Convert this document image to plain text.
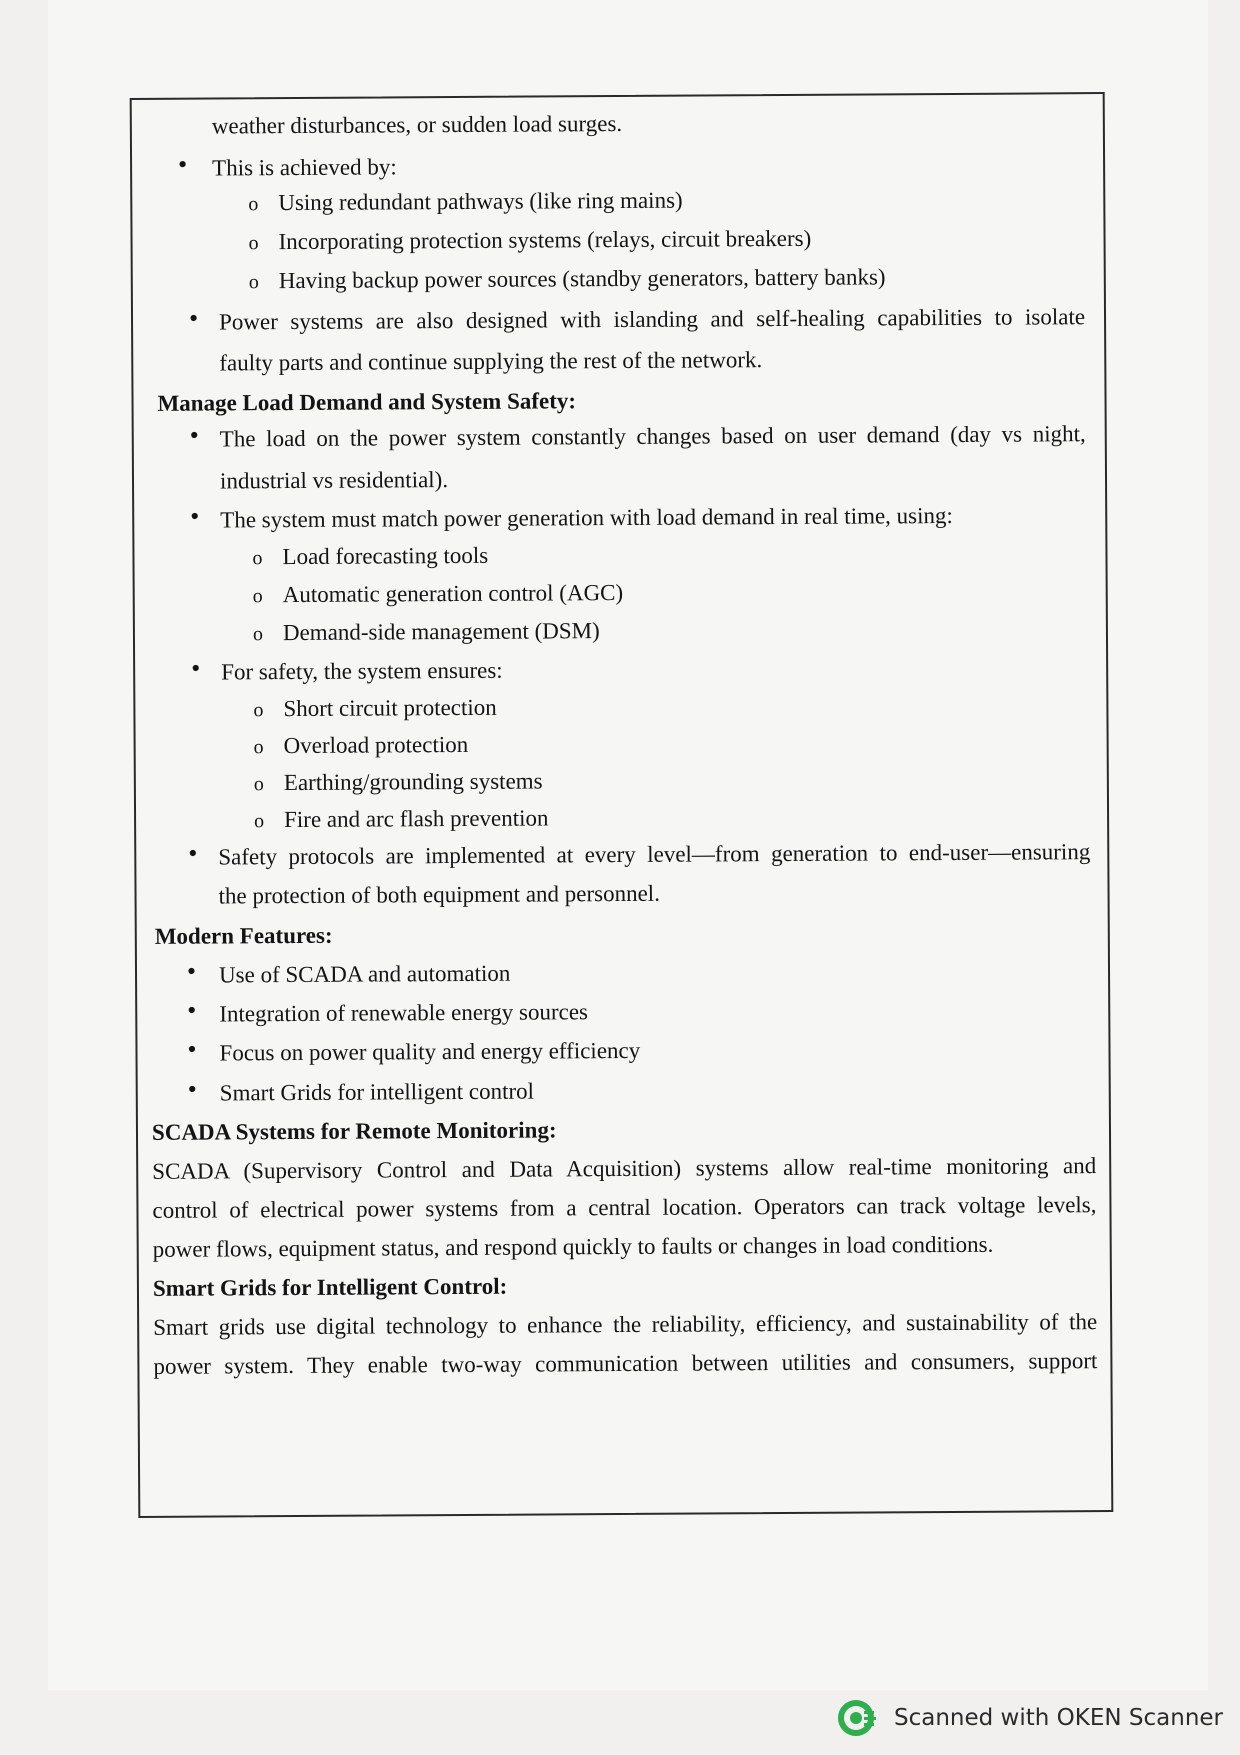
weather disturbances, or sudden load surges.
• This is achieved by:
o Using redundant pathways (like ring mains)
o Incorporating protection systems (relays, circuit breakers)
o Having backup power sources (standby generators, battery banks)
• Power systems are also designed with islanding and self-healing capabilities to isolate
faulty parts and continue supplying the rest of the network.
Manage Load Demand and System Safety:
• The load on the power system constantly changes based on user demand (day vs night,
industrial vs residential).
• The system must match power generation with load demand in real time, using:
o Load forecasting tools
o Automatic generation control (AGC)
o Demand-side management (DSM)
• For safety, the system ensures:
o Short circuit protection
o Overload protection
o Earthing/grounding systems
o Fire and arc flash prevention
• Safety protocols are implemented at every level—from generation to end-user—ensuring
the protection of both equipment and personnel.
Modern Features:
• Use of SCADA and automation
• Integration of renewable energy sources
• Focus on power quality and energy efficiency
• Smart Grids for intelligent control
SCADA Systems for Remote Monitoring:
SCADA (Supervisory Control and Data Acquisition) systems allow real-time monitoring and
control of electrical power systems from a central location. Operators can track voltage levels,
power flows, equipment status, and respond quickly to faults or changes in load conditions.
Smart Grids for Intelligent Control:
Smart grids use digital technology to enhance the reliability, efficiency, and sustainability of the
power system. They enable two-way communication between utilities and consumers, support
Scanned with OKEN Scanner
